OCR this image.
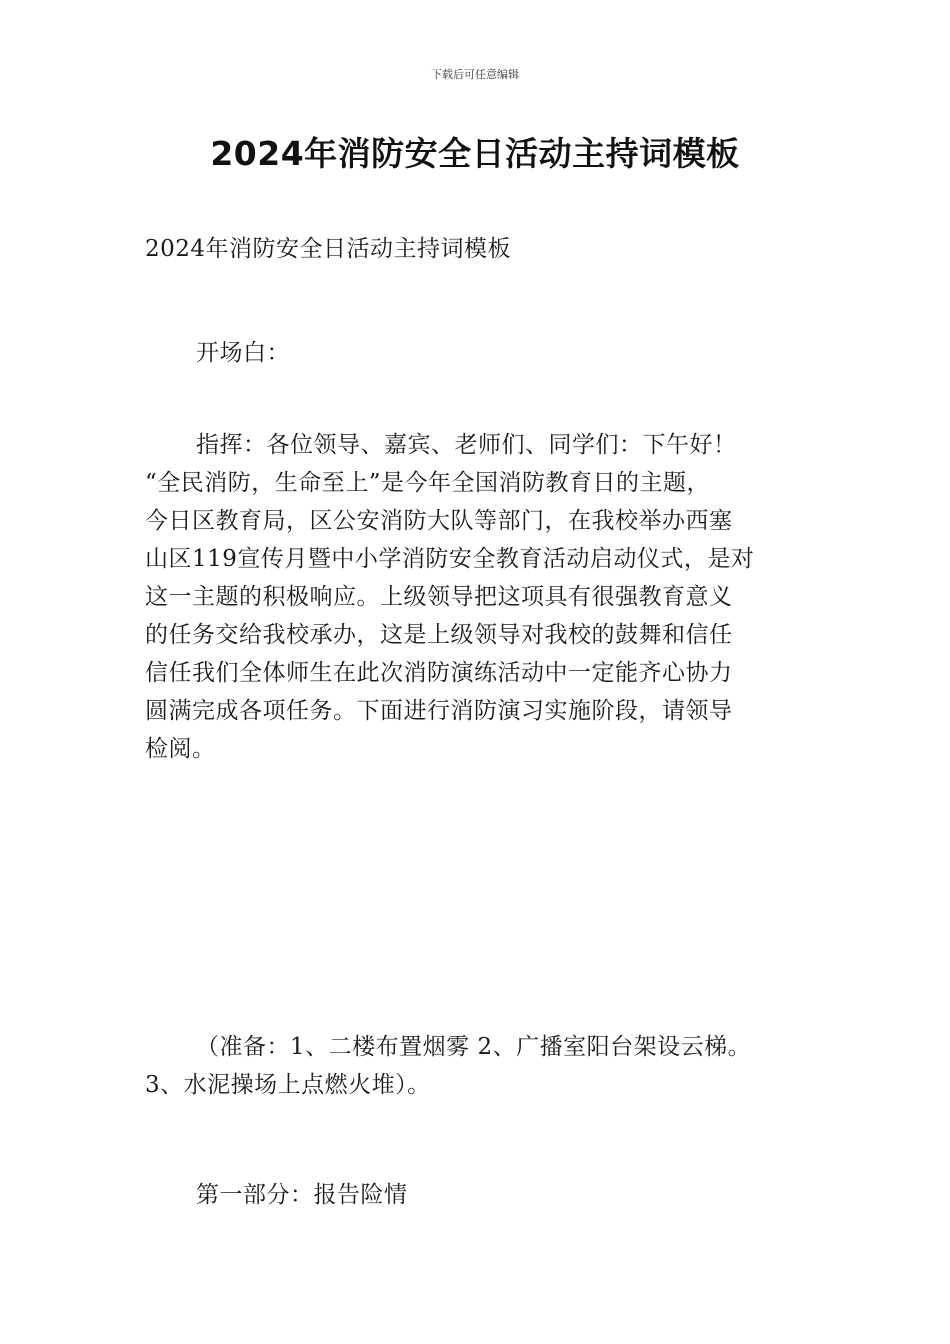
下载后可任意编辑
2024年消防安全日活动主持词模板
2024年消防安全日活动主持词模板
开场白：
指挥：各位领导、嘉宾、老师们、同学们：下午好！
“全民消防，生命至上”是今年全国消防教育日的主题，
今日区教育局，区公安消防大队等部门，在我校举办西塞
山区119宣传月暨中小学消防安全教育活动启动仪式，是对
这一主题的积极响应。上级领导把这项具有很强教育意义
的任务交给我校承办，这是上级领导对我校的鼓舞和信任
信任我们全体师生在此次消防演练活动中一定能齐心协力
圆满完成各项任务。下面进行消防演习实施阶段，请领导
检阅。
（准备：1、二楼布置烟雾 2、广播室阳台架设云梯。
3、水泥操场上点燃火堆）。
第一部分：报告险情
